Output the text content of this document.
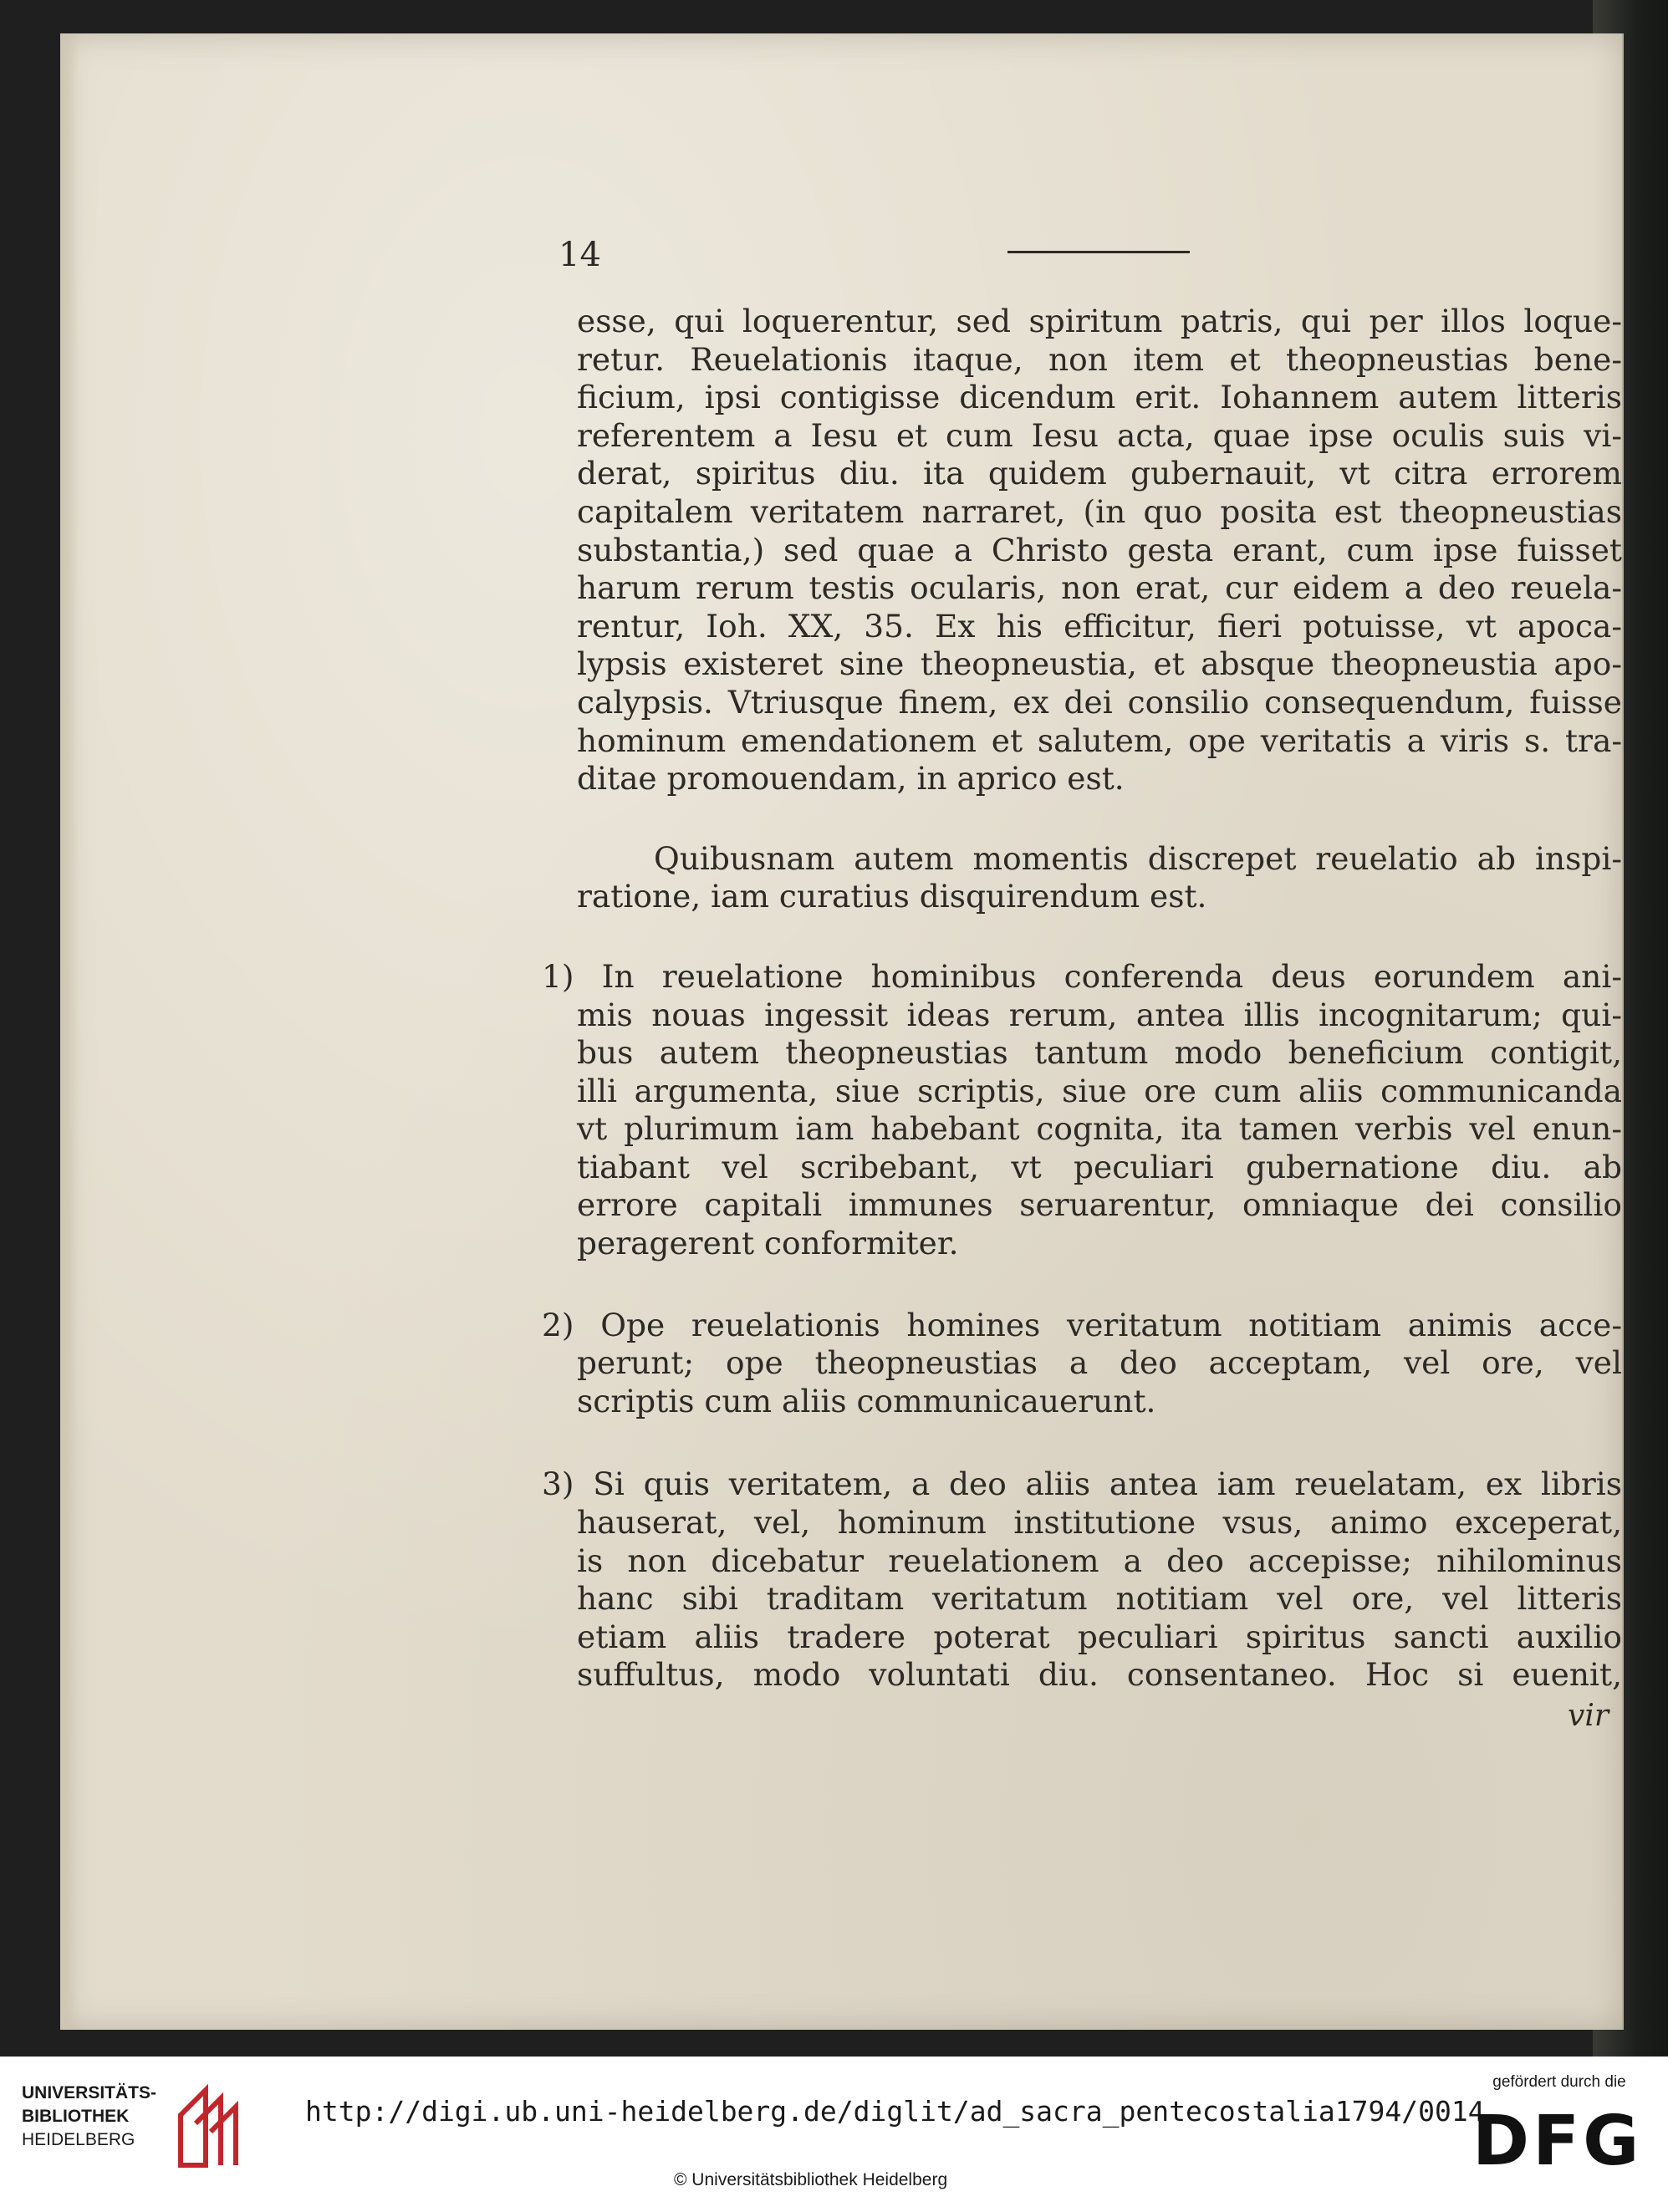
14
esse, qui loquerentur, sed spiritum patris, qui per illos loque-
retur. Reuelationis itaque, non item et theopneustias bene-
ficium, ipsi contigisse dicendum erit. Iohannem autem litteris
referentem a Iesu et cum Iesu acta, quae ipse oculis suis vi-
derat, spiritus diu. ita quidem gubernauit, vt citra errorem
capitalem veritatem narraret, (in quo posita est theopneustias
substantia,) sed quae a Christo gesta erant, cum ipse fuisset
harum rerum testis ocularis, non erat, cur eidem a deo reuela-
rentur, Ioh. XX, 35. Ex his efficitur, fieri potuisse, vt apoca-
lypsis existeret sine theopneustia, et absque theopneustia apo-
calypsis. Vtriusque finem, ex dei consilio consequendum, fuisse
hominum emendationem et salutem, ope veritatis a viris s. tra-
ditae promouendam, in aprico est.
Quibusnam autem momentis discrepet reuelatio ab inspi-
ratione, iam curatius disquirendum est.
1) In reuelatione hominibus conferenda deus eorundem ani-
mis nouas ingessit ideas rerum, antea illis incognitarum; qui-
bus autem theopneustias tantum modo beneficium contigit,
illi argumenta, siue scriptis, siue ore cum aliis communicanda
vt plurimum iam habebant cognita, ita tamen verbis vel enun-
tiabant vel scribebant, vt peculiari gubernatione diu. ab
errore capitali immunes seruarentur, omniaque dei consilio
peragerent conformiter.
2) Ope reuelationis homines veritatum notitiam animis acce-
perunt; ope theopneustias a deo acceptam, vel ore, vel
scriptis cum aliis communicauerunt.
3) Si quis veritatem, a deo aliis antea iam reuelatam, ex libris
hauserat, vel, hominum institutione vsus, animo exceperat,
is non dicebatur reuelationem a deo accepisse; nihilominus
hanc sibi traditam veritatum notitiam vel ore, vel litteris
etiam aliis tradere poterat peculiari spiritus sancti auxilio
suffultus, modo voluntati diu. consentaneo. Hoc si euenit,
vir
UNIVERSITÄTS-
BIBLIOTHEK
HEIDELBERG
http://digi.ub.uni-heidelberg.de/diglit/ad_sacra_pentecostalia1794/0014
© Universitätsbibliothek Heidelberg
gefördert durch die
DFG
